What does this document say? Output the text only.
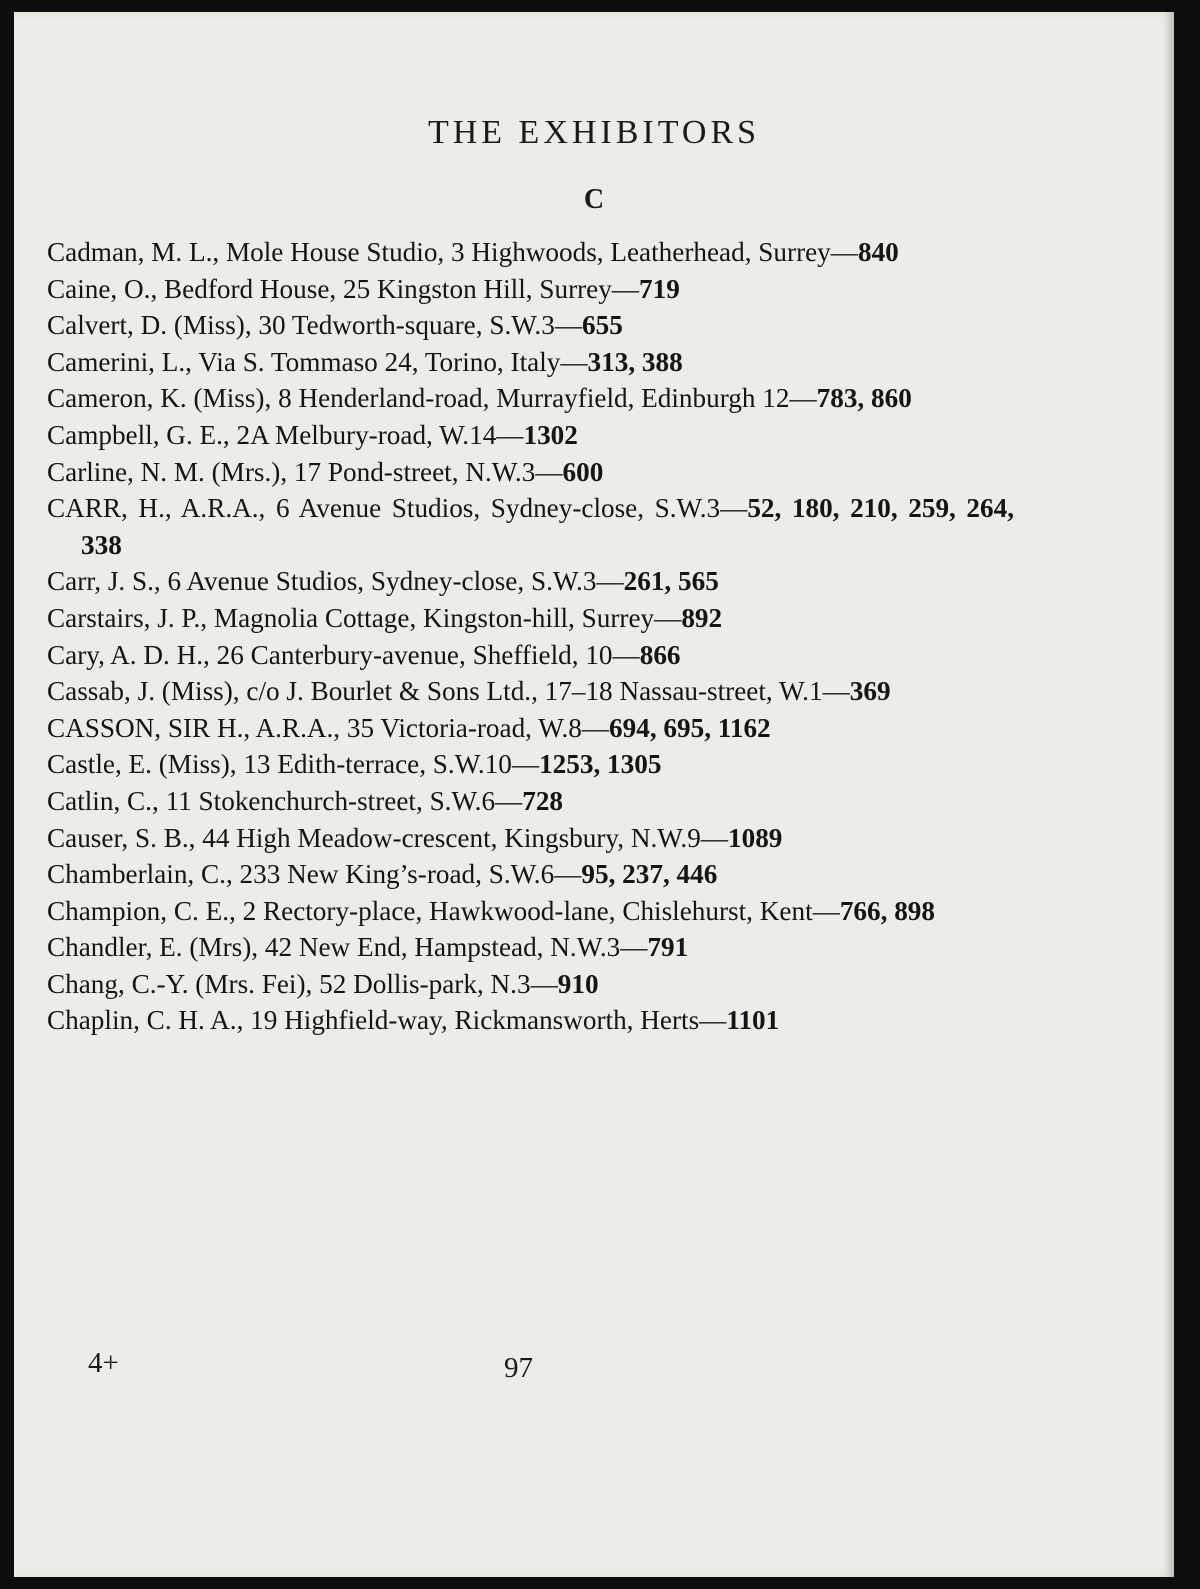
THE EXHIBITORS
C
Cadman, M. L., Mole House Studio, 3 Highwoods, Leatherhead, Surrey—840
Caine, O., Bedford House, 25 Kingston Hill, Surrey—719
Calvert, D. (Miss), 30 Tedworth-square, S.W.3—655
Camerini, L., Via S. Tommaso 24, Torino, Italy—313, 388
Cameron, K. (Miss), 8 Henderland-road, Murrayfield, Edinburgh 12—783, 860
Campbell, G. E., 2A Melbury-road, W.14—1302
Carline, N. M. (Mrs.), 17 Pond-street, N.W.3—600
CARR, H., A.R.A., 6 Avenue Studios, Sydney-close, S.W.3—52, 180, 210, 259, 264, 338
Carr, J. S., 6 Avenue Studios, Sydney-close, S.W.3—261, 565
Carstairs, J. P., Magnolia Cottage, Kingston-hill, Surrey—892
Cary, A. D. H., 26 Canterbury-avenue, Sheffield, 10—866
Cassab, J. (Miss), c/o J. Bourlet & Sons Ltd., 17–18 Nassau-street, W.1—369
CASSON, SIR H., A.R.A., 35 Victoria-road, W.8—694, 695, 1162
Castle, E. (Miss), 13 Edith-terrace, S.W.10—1253, 1305
Catlin, C., 11 Stokenchurch-street, S.W.6—728
Causer, S. B., 44 High Meadow-crescent, Kingsbury, N.W.9—1089
Chamberlain, C., 233 New King’s-road, S.W.6—95, 237, 446
Champion, C. E., 2 Rectory-place, Hawkwood-lane, Chislehurst, Kent—766, 898
Chandler, E. (Mrs), 42 New End, Hampstead, N.W.3—791
Chang, C.-Y. (Mrs. Fei), 52 Dollis-park, N.3—910
Chaplin, C. H. A., 19 Highfield-way, Rickmansworth, Herts—1101
4+	97
